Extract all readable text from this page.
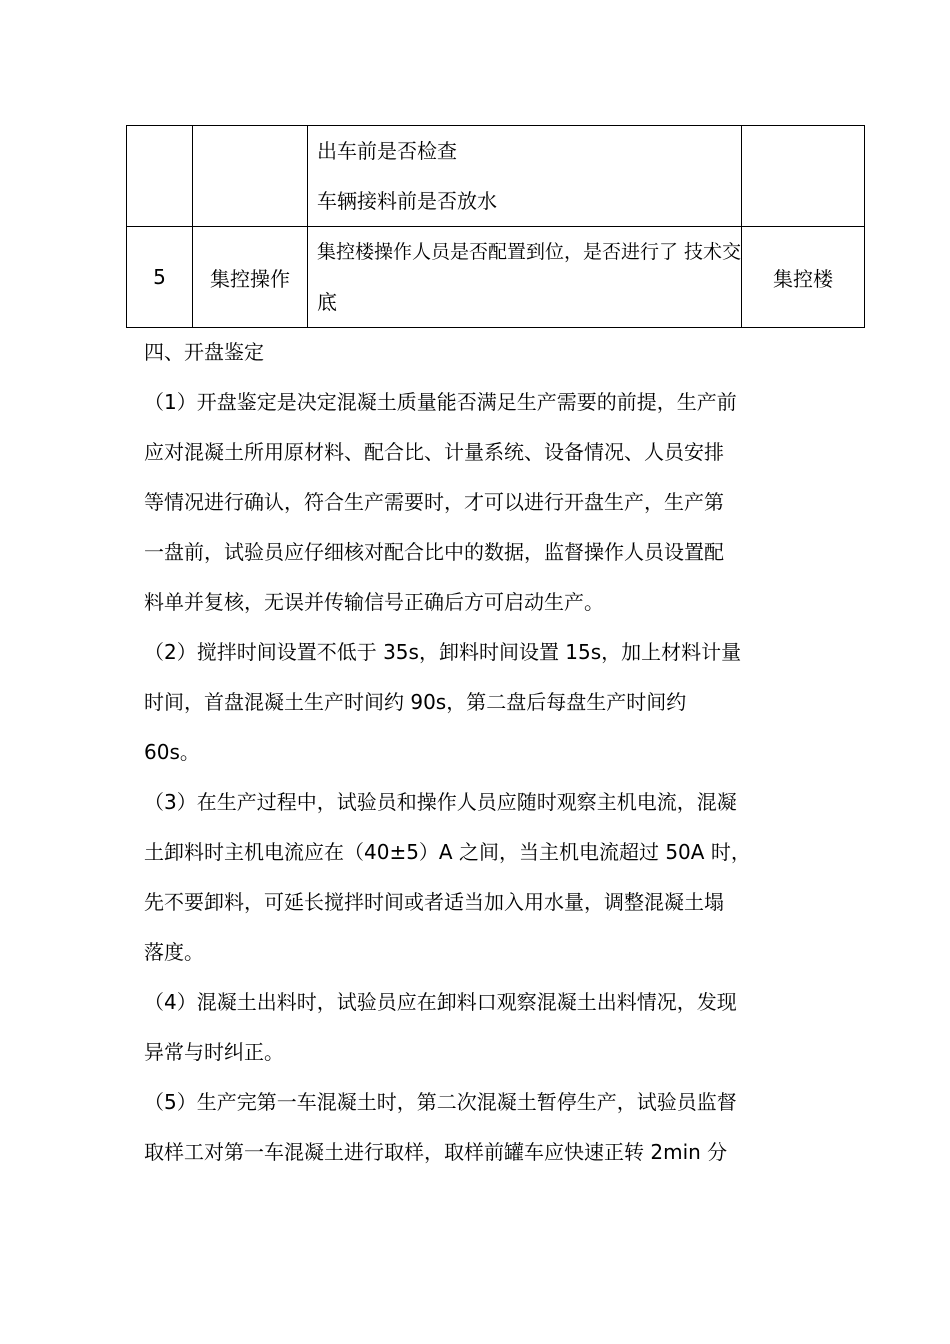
		出车前是否检查
车辆接料前是否放水	

5	集控操作	集控楼操作人员是否配置到位，是否进行了 技术交
底	集控楼

四、开盘鉴定

（1）开盘鉴定是决定混凝土质量能否满足生产需要的前提，生产前
应对混凝土所用原材料、配合比、计量系统、设备情况、人员安排
等情况进行确认，符合生产需要时，才可以进行开盘生产，生产第
一盘前，试验员应仔细核对配合比中的数据，监督操作人员设置配
料单并复核，无误并传输信号正确后方可启动生产。

（2）搅拌时间设置不低于 35s，卸料时间设置 15s，加上材料计量
时间，首盘混凝土生产时间约 90s，第二盘后每盘生产时间约
60s。

（3）在生产过程中，试验员和操作人员应随时观察主机电流，混凝
土卸料时主机电流应在（40±5）A 之间，当主机电流超过 50A 时，
先不要卸料，可延长搅拌时间或者适当加入用水量，调整混凝土塌
落度。

（4）混凝土出料时，试验员应在卸料口观察混凝土出料情况，发现
异常与时纠正。

（5）生产完第一车混凝土时，第二次混凝土暂停生产，试验员监督
取样工对第一车混凝土进行取样，取样前罐车应快速正转 2min 分
